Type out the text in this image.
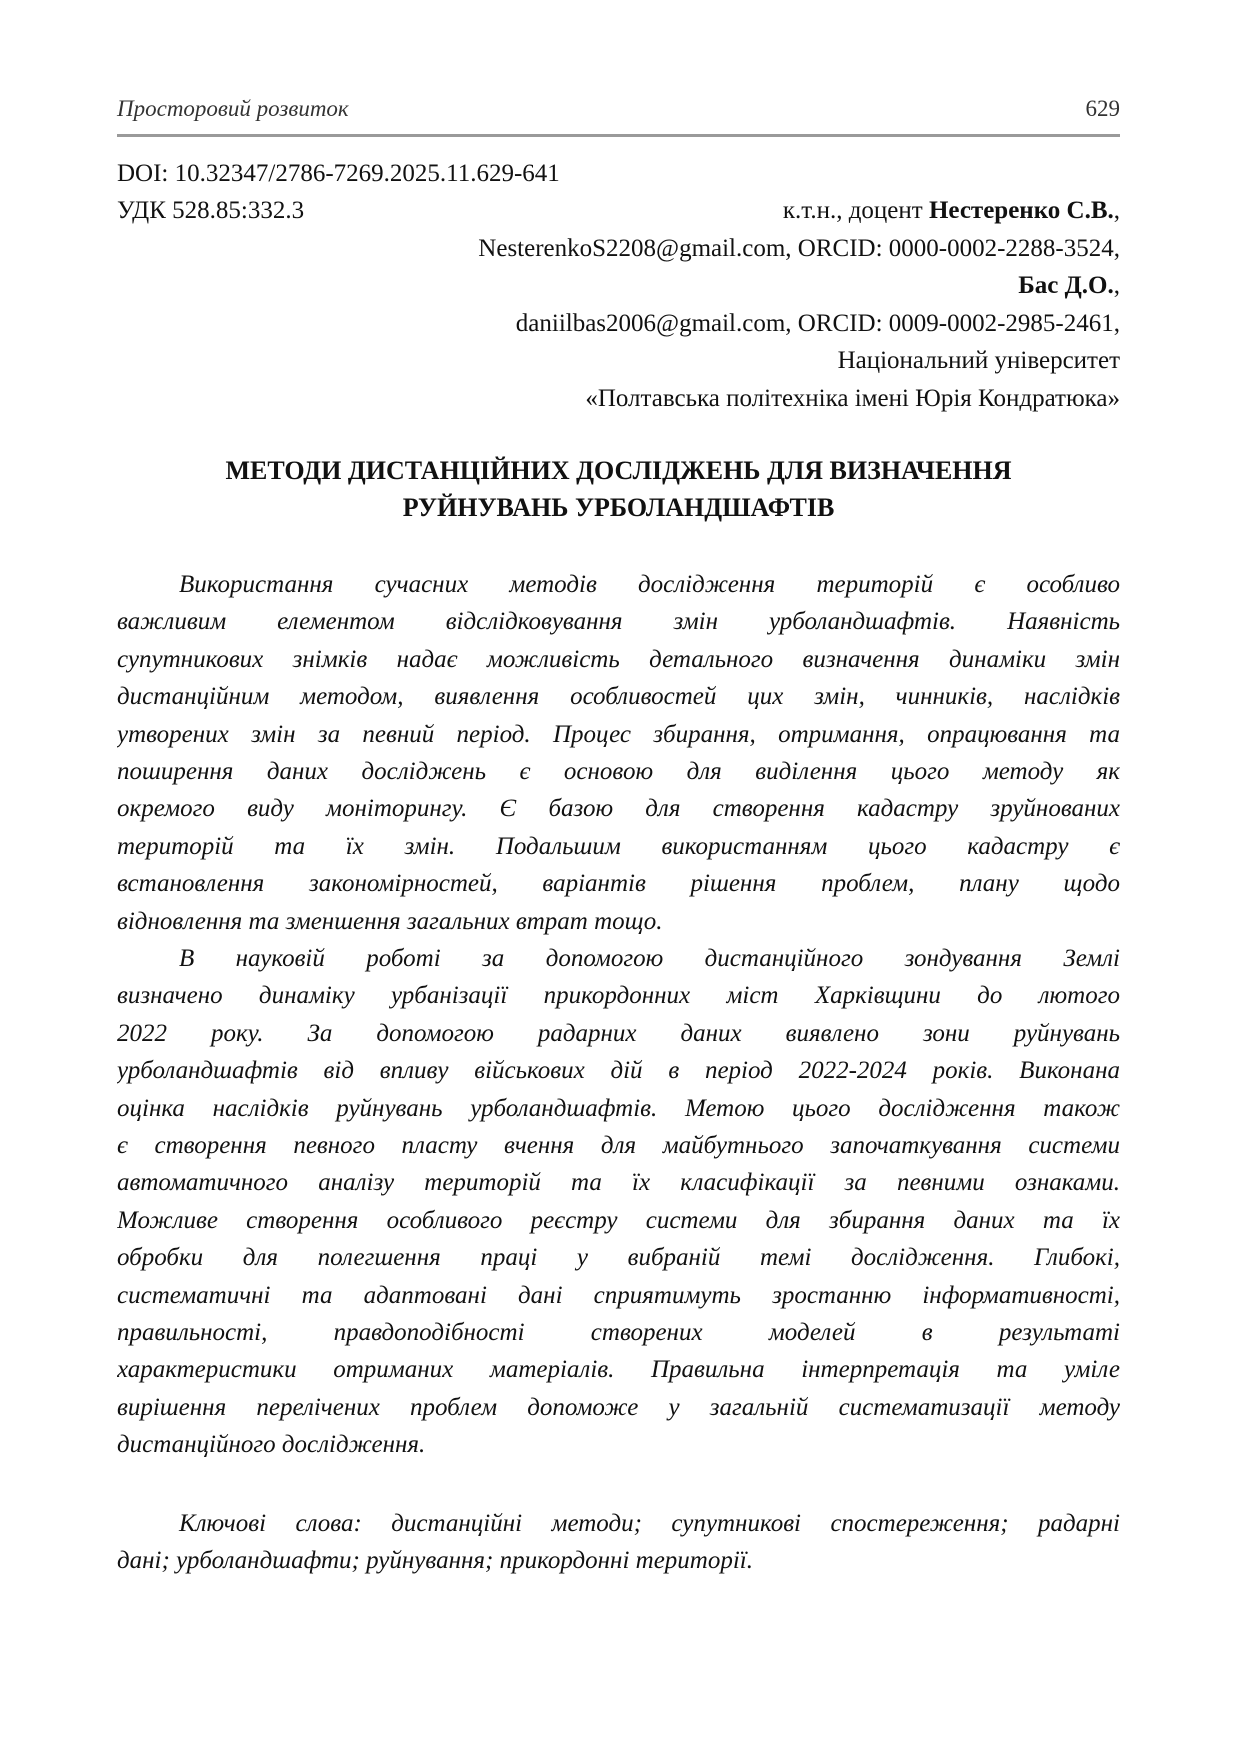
Просторовий розвиток	629
DOI: 10.32347/2786-7269.2025.11.629-641
УДК 528.85:332.3	к.т.н., доцент Нестеренко С.В.,
NesterenkoS2208@gmail.com, ORCID: 0000-0002-2288-3524,
Бас Д.О.,
daniilbas2006@gmail.com, ORCID: 0009-0002-2985-2461,
Національний університет
«Полтавська політехніка імені Юрія Кондратюка»
МЕТОДИ ДИСТАНЦІЙНИХ ДОСЛІДЖЕНЬ ДЛЯ ВИЗНАЧЕННЯ
РУЙНУВАНЬ УРБОЛАНДШАФТІВ
Використання сучасних методів дослідження територій є особливо
важливим елементом відслідковування змін урболандшафтів. Наявність
супутникових знімків надає можливість детального визначення динаміки змін
дистанційним методом, виявлення особливостей цих змін, чинників, наслідків
утворених змін за певний період. Процес збирання, отримання, опрацювання та
поширення даних досліджень є основою для виділення цього методу як
окремого виду моніторингу. Є базою для створення кадастру зруйнованих
територій та їх змін. Подальшим використанням цього кадастру є
встановлення закономірностей, варіантів рішення проблем, плану щодо
відновлення та зменшення загальних втрат тощо.
В науковій роботі за допомогою дистанційного зондування Землі
визначено динаміку урбанізації прикордонних міст Харківщини до лютого
2022 року. За допомогою радарних даних виявлено зони руйнувань
урболандшафтів від впливу військових дій в період 2022-2024 років. Виконана
оцінка наслідків руйнувань урболандшафтів. Метою цього дослідження також
є створення певного пласту вчення для майбутнього започаткування системи
автоматичного аналізу територій та їх класифікації за певними ознаками.
Можливе створення особливого реєстру системи для збирання даних та їх
обробки для полегшення праці у вибраній темі дослідження. Глибокі,
систематичні та адаптовані дані сприятимуть зростанню інформативності,
правильності, правдоподібності створених моделей в результаті
характеристики отриманих матеріалів. Правильна інтерпретація та уміле
вирішення перелічених проблем допоможе у загальній систематизації методу
дистанційного дослідження.
Ключові слова: дистанційні методи; супутникові спостереження; радарні
дані; урболандшафти; руйнування; прикордонні території.
